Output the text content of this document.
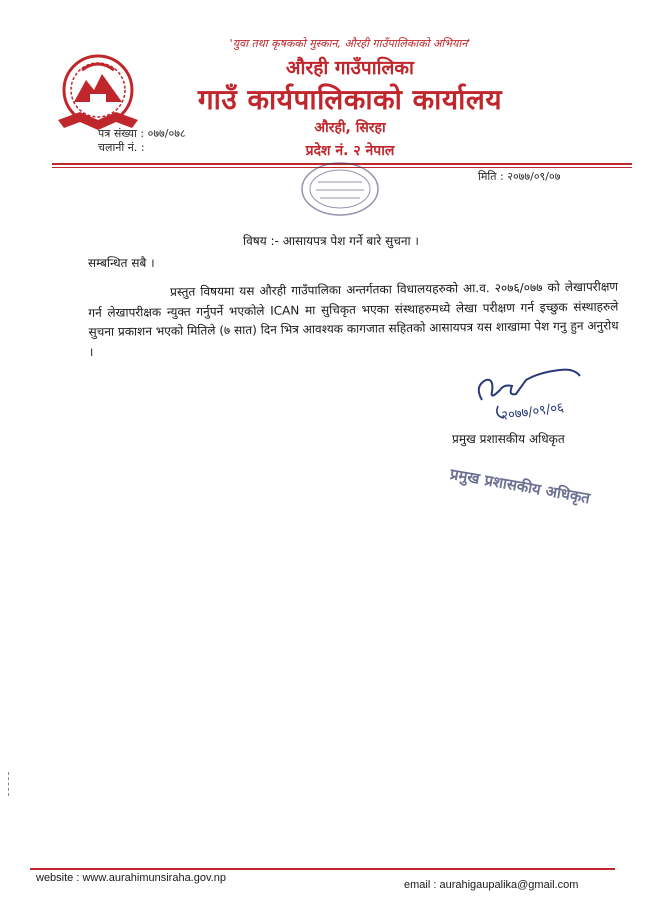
'युवा तथा कृषकको मुस्कान, औरही गाउँपालिकाको अभियान'
औरही गाउँपालिका
गाउँ कार्यपालिकाको कार्यालय
औरही, सिरहा
प्रदेश नं. २ नेपाल
पत्र संख्या : ०७७/०७८
चलानी नं. :
मिति : २०७७/०९/०७
विषय :- आसायपत्र पेश गर्ने बारे सुचना ।
सम्बन्धित सबै ।
प्रस्तुत विषयमा यस औरही गाउँपालिका अन्तर्गतका विधालयहरुको आ.व. २०७६/०७७ को लेखापरीक्षण गर्न लेखापरीक्षक न्युक्त गर्नुपर्ने भएकोले ICAN मा सुचिकृत भएका संस्थाहरुमध्ये लेखा परीक्षण गर्न इच्छुक संस्थाहरुले सुचना प्रकाशन भएको मितिले (७ सात) दिन भित्र आवश्यक कागजात सहितको आसायपत्र यस शाखामा पेश गनु हुन अनुरोध ।
२०७७/०९/०६
प्रमुख प्रशासकीय अधिकृत
प्रमुख प्रशासकीय अधिकृत
website : www.aurahimunsiraha.gov.np
email : aurahigaupalika@gmail.com
